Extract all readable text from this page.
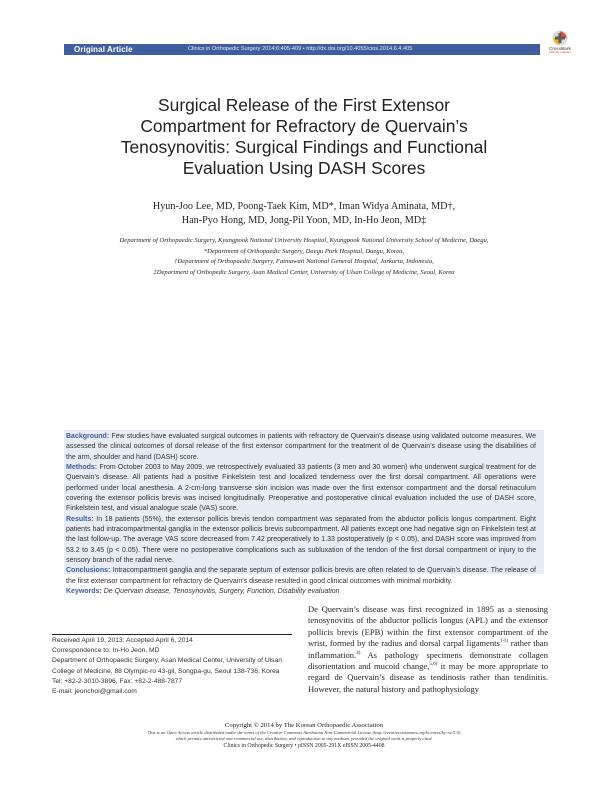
Original Article	Clinics in Orthopedic Surgery 2014;6:405-409 • http://dx.doi.org/10.4055/cios.2014.6.4.405	CrossMark
click for updates
Surgical Release of the First Extensor
Compartment for Refractory de Quervain’s
Tenosynovitis: Surgical Findings and Functional
Evaluation Using DASH Scores
Hyun-Joo Lee, MD, Poong-Taek Kim, MD*, Iman Widya Aminata, MD†,
Han-Pyo Hong, MD, Jong-Pil Yoon, MD, In-Ho Jeon, MD‡
Department of Orthopaedic Surgery, Kyungpook National University Hospital, Kyungpook National University School of Medicine, Daegu,
*Department of Orthopaedic Surgery, Daegu Park Hospital, Daegu, Korea,
†Department of Orthopaedic Surgery, Fatmawati National General Hospital, Jarkarta, Indonesia,
‡Department of Orthopedic Surgery, Asan Medical Center, University of Ulsan College of Medicine, Seoul, Korea

Background: Few studies have evaluated surgical outcomes in patients with refractory de Quervain’s disease using validated outcome measures. We assessed the clinical outcomes of dorsal release of the first extensor compartment for the treatment of de Quervain’s disease using the disabilities of the arm, shoulder and hand (DASH) score.

Methods: From October 2003 to May 2009, we retrospectively evaluated 33 patients (3 men and 30 women) who underwent surgical treatment for de Quervain’s disease. All patients had a positive Finkelstein test and localized tenderness over the first dorsal compartment. All operations were performed under local anesthesia. A 2-cm-long transverse skin incision was made over the first extensor compartment and the dorsal retinaculum covering the extensor pollicis brevis was incised longitudinally. Preoperative and postoperative clinical evaluation included the use of DASH score, Finkelstein test, and visual analogue scale (VAS) score.

Results: In 18 patients (55%), the extensor pollicis brevis tendon compartment was separated from the abductor pollicis longus compartment. Eight patients had intracompartmental ganglia in the extensor pollicis brevis subcompartment. All patients except one had negative sign on Finkelstein test at the last follow-up. The average VAS score decreased from 7.42 preoperatively to 1.33 postoperatively (p < 0.05), and DASH score was improved from 53.2 to 3.45 (p < 0.05). There were no postoperative complications such as subluxation of the tendon of the first dorsal compartment or injury to the sensory branch of the radial nerve.

Conclusions: Intracompartment ganglia and the separate septum of extensor pollicis brevis are often related to de Quervain’s disease. The release of the first extensor compartment for refractory de Quervain’s disease resulted in good clinical outcomes with minimal morbidity.

Keywords: De Quervain disease, Tenosynovitis, Surgery, Function, Disability evaluation

Received April 19, 2013; Accepted April 6, 2014

Correspondence to: In-Ho Jeon, MD

Department of Orthopaedic Surgery, Asan Medical Center, University of Ulsan College of Medicine, 88 Olympic-ro 43-gil, Songpa-gu, Seoul 138-736, Korea

Tel: +82-2-3010-3896, Fax: +82-2-488-7877

E-mail: jeonchoi@gmail.com

De Quervain’s disease was first recognized in 1895 as a stenosing tenosynovitis of the abductor pollicis longus (APL) and the extensor pollicis brevis (EPB) within the first extensor compartment of the wrist, formed by the radius and dorsal carpal ligaments$^{1-3)}$ rather than inflammation.$^{4)}$ As pathology specimens demonstrate collagen disorientation and mucoid change,$^{5,6)}$ it may be more appropriate to regard de Quervain’s disease as tendinosis rather than tendinitis. However, the natural history and pathophysiology
Copyright © 2014 by The Korean Orthopaedic Association
This is an Open Access article distributed under the terms of the Creative Commons Attribution Non-Commercial License (http://creativecommons.org/licenses/by-nc/3.0)
which permits unrestricted non-commercial use, distribution, and reproduction in any medium, provided the original work is properly cited.
Clinics in Orthopedic Surgery • pISSN 2005-291X eISSN 2005-4408
